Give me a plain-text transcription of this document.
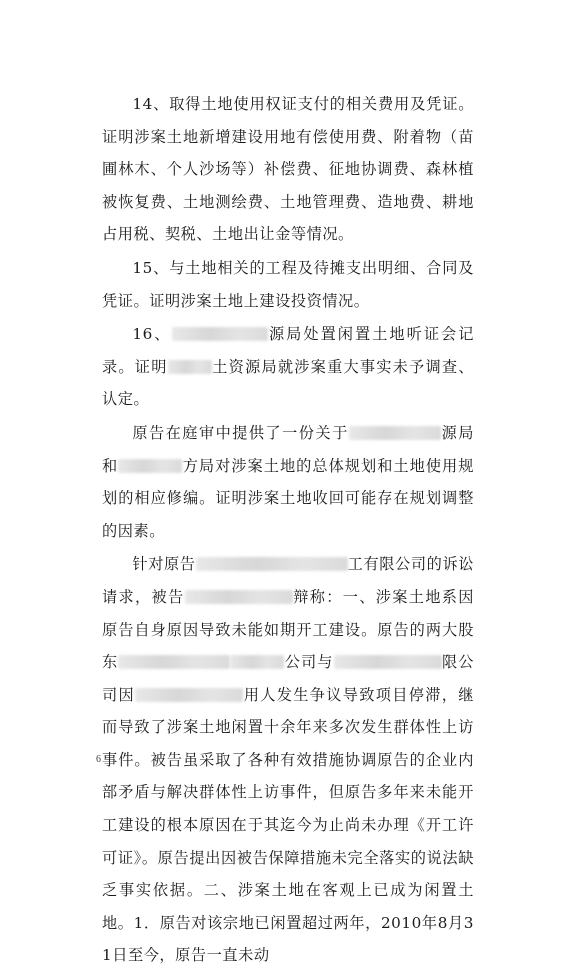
14、取得土地使用权证支付的相关费用及凭证。证明涉案土地新增建设用地有偿使用费、附着物（苗圃林木、个人沙场等）补偿费、征地协调费、森林植被恢复费、土地测绘费、土地管理费、造地费、耕地占用税、契税、土地出让金等情况。

15、与土地相关的工程及待摊支出明细、合同及凭证。证明涉案土地上建设投资情况。

16、	源局处置闲置土地听证会记录。证明	土资源局就涉案重大事实未予调查、认定。

原告在庭审中提供了一份关于	源局和	方局对涉案土地的总体规划和土地使用规划的相应修编。证明涉案土地收回可能存在规划调整的因素。

针对原告	工有限公司的诉讼请求，被告	辩称：一、涉案土地系因原告自身原因导致未能如期开工建设。原告的两大股东	公司与	限公司因	用人发生争议导致项目停滞，继而导致了涉案土地闲置十余年来多次发生群体性上访事件。被告虽采取了各种有效措施协调原告的企业内部矛盾与解决群体性上访事件，但原告多年来未能开工建设的根本原因在于其迄今为止尚未办理《开工许可证》。原告提出因被告保障措施未完全落实的说法缺乏事实依据。二、涉案土地在客观上已成为闲置土地。1．原告对该宗地已闲置超过两年，2010年8月31日至今，原告一直未动

6
